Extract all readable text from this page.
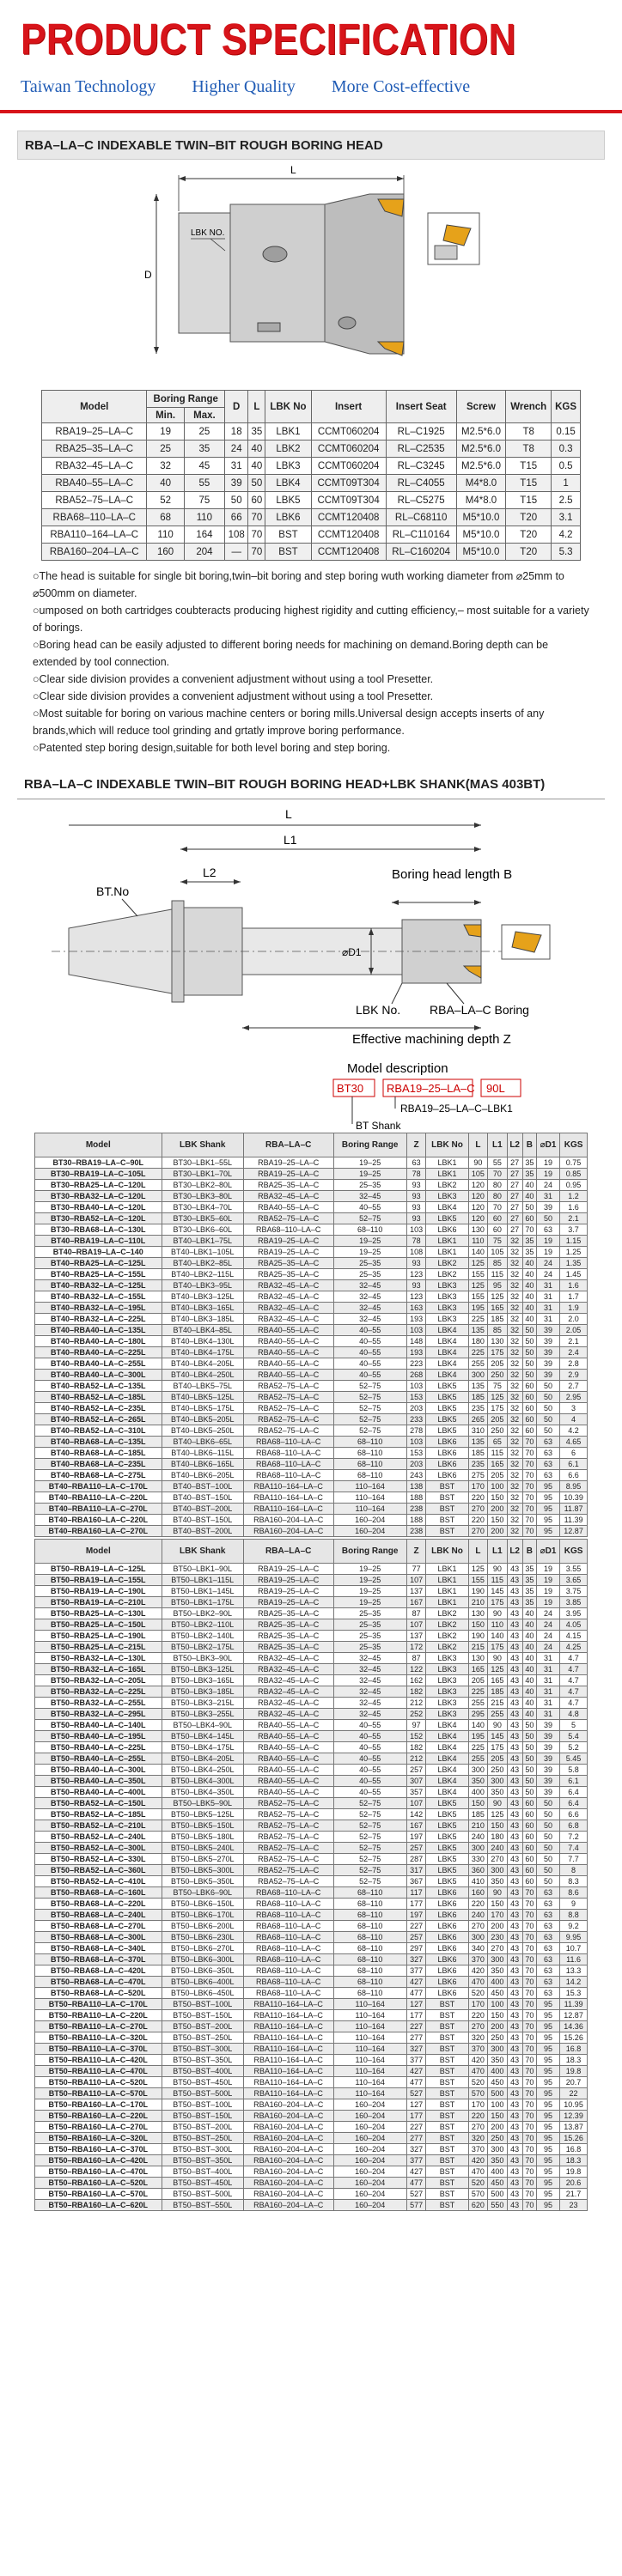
PRODUCT SPECIFICATION
Taiwan Technology Higher Quality More Cost-effective
RBA–LA–C INDEXABLE TWIN–BIT ROUGH BORING HEAD
L
D
LBK NO.
Model	Boring Range		D	L	LBK No	Insert	Insert Seat	Screw	Wrench	KGS
	Min.	Max.								
RBA19–25–LA–C	19	25	18	35	LBK1	CCMT060204	RL–C1925	M2.5*6.0	T8	0.15
RBA25–35–LA–C	25	35	24	40	LBK2	CCMT060204	RL–C2535	M2.5*6.0	T8	0.3
RBA32–45–LA–C	32	45	31	40	LBK3	CCMT060204	RL–C3245	M2.5*6.0	T15	0.5
RBA40–55–LA–C	40	55	39	50	LBK4	CCMT09T304	RL–C4055	M4*8.0	T15	1
RBA52–75–LA–C	52	75	50	60	LBK5	CCMT09T304	RL–C5275	M4*8.0	T15	2.5
RBA68–110–LA–C	68	110	66	70	LBK6	CCMT120408	RL–C68110	M5*10.0	T20	3.1
RBA110–164–LA–C	110	164	108	70	BST	CCMT120408	RL–C110164	M5*10.0	T20	4.2
RBA160–204–LA–C	160	204	—	70	BST	CCMT120408	RL–C160204	M5*10.0	T20	5.3

○The head is suitable for single bit boring,twin–bit boring and step boring wuth working diameter from ⌀25mm to ⌀500mm on diameter.

○umposed on both cartridges coubteracts producing highest rigidity and cutting efficiency,– most suitable for a variety of borings.

○Boring head can be easily adjusted to different boring needs for machining on demand.Boring depth can be extended by tool connection.

○Clear side division provides a convenient adjustment without using a tool Presetter.

○Clear side division provides a convenient adjustment without using a tool Presetter.

○Most suitable for boring on various machine centers or boring mills.Universal design accepts inserts of any brands,which will reduce tool grinding and grtatly improve boring performance.

○Patented step boring design,suitable for both level boring and step boring.

RBA–LA–C INDEXABLE TWIN–BIT ROUGH BORING HEAD+LBK SHANK(MAS 403BT)
L
L1
L2	Boring head length B
BT.No
⌀D1
LBK No. RBA–LA–C Boring
Effective machining depth Z
Model description
BT30 RBA19–25–LA–C 90L
RBA19–25–LA–C–LBK1
BT Shank
Model	LBK Shank	RBA–LA–C	Boring Range	Z	LBK No	L	L1	L2	B	⌀D1	KGS
BT30–RBA19–LA–C–90L	BT30–LBK1–55L	RBA19–25–LA–C	19–25	63	LBK1	90	55	27	35	19	0.75
BT30–RBA19–LA–C–105L	BT30–LBK1–70L	RBA19–25–LA–C	19–25	78	LBK1	105	70	27	35	19	0.85
BT30–RBA25–LA–C–120L	BT30–LBK2–80L	RBA25–35–LA–C	25–35	93	LBK2	120	80	27	40	24	0.95
BT30–RBA32–LA–C–120L	BT30–LBK3–80L	RBA32–45–LA–C	32–45	93	LBK3	120	80	27	40	31	1.2
BT30–RBA40–LA–C–120L	BT30–LBK4–70L	RBA40–55–LA–C	40–55	93	LBK4	120	70	27	50	39	1.6
BT30–RBA52–LA–C–120L	BT30–LBK5–60L	RBA52–75–LA–C	52–75	93	LBK5	120	60	27	60	50	2.1
BT30–RBA68–LA–C–130L	BT30–LBK6–60L	RBA68–110–LA–C	68–110	103	LBK6	130	60	27	70	63	3.7
BT40–RBA19–LA–C–110L	BT40–LBK1–75L	RBA19–25–LA–C	19–25	78	LBK1	110	75	32	35	19	1.15
BT40–RBA19–LA–C–140	BT40–LBK1–105L	RBA19–25–LA–C	19–25	108	LBK1	140	105	32	35	19	1.25
BT40–RBA25–LA–C–125L	BT40–LBK2–85L	RBA25–35–LA–C	25–35	93	LBK2	125	85	32	40	24	1.35
BT40–RBA25–LA–C–155L	BT40–LBK2–115L	RBA25–35–LA–C	25–35	123	LBK2	155	115	32	40	24	1.45
BT40–RBA32–LA–C–125L	BT40–LBK3–95L	RBA32–45–LA–C	32–45	93	LBK3	125	95	32	40	31	1.6
BT40–RBA32–LA–C–155L	BT40–LBK3–125L	RBA32–45–LA–C	32–45	123	LBK3	155	125	32	40	31	1.7
BT40–RBA32–LA–C–195L	BT40–LBK3–165L	RBA32–45–LA–C	32–45	163	LBK3	195	165	32	40	31	1.9
BT40–RBA32–LA–C–225L	BT40–LBK3–185L	RBA32–45–LA–C	32–45	193	LBK3	225	185	32	40	31	2.0
BT40–RBA40–LA–C–135L	BT40–LBK4–85L	RBA40–55–LA–C	40–55	103	LBK4	135	85	32	50	39	2.05
BT40–RBA40–LA–C–180L	BT40–LBK4–130L	RBA40–55–LA–C	40–55	148	LBK4	180	130	32	50	39	2.1
BT40–RBA40–LA–C–225L	BT40–LBK4–175L	RBA40–55–LA–C	40–55	193	LBK4	225	175	32	50	39	2.4
BT40–RBA40–LA–C–255L	BT40–LBK4–205L	RBA40–55–LA–C	40–55	223	LBK4	255	205	32	50	39	2.8
BT40–RBA40–LA–C–300L	BT40–LBK4–250L	RBA40–55–LA–C	40–55	268	LBK4	300	250	32	50	39	2.9
BT40–RBA52–LA–C–135L	BT40–LBK5–75L	RBA52–75–LA–C	52–75	103	LBK5	135	75	32	60	50	2.7
BT40–RBA52–LA–C–185L	BT40–LBK5–125L	RBA52–75–LA–C	52–75	153	LBK5	185	125	32	60	50	2.95
BT40–RBA52–LA–C–235L	BT40–LBK5–175L	RBA52–75–LA–C	52–75	203	LBK5	235	175	32	60	50	3
BT40–RBA52–LA–C–265L	BT40–LBK5–205L	RBA52–75–LA–C	52–75	233	LBK5	265	205	32	60	50	4
BT40–RBA52–LA–C–310L	BT40–LBK5–250L	RBA52–75–LA–C	52–75	278	LBK5	310	250	32	60	50	4.2
BT40–RBA68–LA–C–135L	BT40–LBK6–65L	RBA68–110–LA–C	68–110	103	LBK6	135	65	32	70	63	4.65
BT40–RBA68–LA–C–185L	BT40–LBK6–115L	RBA68–110–LA–C	68–110	153	LBK6	185	115	32	70	63	6
BT40–RBA68–LA–C–235L	BT40–LBK6–165L	RBA68–110–LA–C	68–110	203	LBK6	235	165	32	70	63	6.1
BT40–RBA68–LA–C–275L	BT40–LBK6–205L	RBA68–110–LA–C	68–110	243	LBK6	275	205	32	70	63	6.6
BT40–RBA110–LA–C–170L	BT40–BST–100L	RBA110–164–LA–C	110–164	138	BST	170	100	32	70	95	8.95
BT40–RBA110–LA–C–220L	BT40–BST–150L	RBA110–164–LA–C	110–164	188	BST	220	150	32	70	95	10.39
BT40–RBA110–LA–C–270L	BT40–BST–200L	RBA110–164–LA–C	110–164	238	BST	270	200	32	70	95	11.87
BT40–RBA160–LA–C–220L	BT40–BST–150L	RBA160–204–LA–C	160–204	188	BST	220	150	32	70	95	11.39
BT40–RBA160–LA–C–270L	BT40–BST–200L	RBA160–204–LA–C	160–204	238	BST	270	200	32	70	95	12.87
Model	LBK Shank	RBA–LA–C	Boring Range	Z	LBK No	L	L1	L2	B	⌀D1	KGS
BT50–RBA19–LA–C–125L	BT50–LBK1–90L	RBA19–25–LA–C	19–25	77	LBK1	125	90	43	35	19	3.55
BT50–RBA19–LA–C–155L	BT50–LBK1–115L	RBA19–25–LA–C	19–25	107	LBK1	155	115	43	35	19	3.65
BT50–RBA19–LA–C–190L	BT50–LBK1–145L	RBA19–25–LA–C	19–25	137	LBK1	190	145	43	35	19	3.75
BT50–RBA19–LA–C–210L	BT50–LBK1–175L	RBA19–25–LA–C	19–25	167	LBK1	210	175	43	35	19	3.85
BT50–RBA25–LA–C–130L	BT50–LBK2–90L	RBA25–35–LA–C	25–35	87	LBK2	130	90	43	40	24	3.95
BT50–RBA25–LA–C–150L	BT50–LBK2–110L	RBA25–35–LA–C	25–35	107	LBK2	150	110	43	40	24	4.05
BT50–RBA25–LA–C–190L	BT50–LBK2–140L	RBA25–35–LA–C	25–35	137	LBK2	190	140	43	40	24	4.15
BT50–RBA25–LA–C–215L	BT50–LBK2–175L	RBA25–35–LA–C	25–35	172	LBK2	215	175	43	40	24	4.25
BT50–RBA32–LA–C–130L	BT50–LBK3–90L	RBA32–45–LA–C	32–45	87	LBK3	130	90	43	40	31	4.7
BT50–RBA32–LA–C–165L	BT50–LBK3–125L	RBA32–45–LA–C	32–45	122	LBK3	165	125	43	40	31	4.7
BT50–RBA32–LA–C–205L	BT50–LBK3–165L	RBA32–45–LA–C	32–45	162	LBK3	205	165	43	40	31	4.7
BT50–RBA32–LA–C–225L	BT50–LBK3–185L	RBA32–45–LA–C	32–45	182	LBK3	225	185	43	40	31	4.7
BT50–RBA32–LA–C–255L	BT50–LBK3–215L	RBA32–45–LA–C	32–45	212	LBK3	255	215	43	40	31	4.7
BT50–RBA32–LA–C–295L	BT50–LBK3–255L	RBA32–45–LA–C	32–45	252	LBK3	295	255	43	40	31	4.8
BT50–RBA40–LA–C–140L	BT50–LBK4–90L	RBA40–55–LA–C	40–55	97	LBK4	140	90	43	50	39	5
BT50–RBA40–LA–C–195L	BT50–LBK4–145L	RBA40–55–LA–C	40–55	152	LBK4	195	145	43	50	39	5.4
BT50–RBA40–LA–C–225L	BT50–LBK4–175L	RBA40–55–LA–C	40–55	182	LBK4	225	175	43	50	39	5.2
BT50–RBA40–LA–C–255L	BT50–LBK4–205L	RBA40–55–LA–C	40–55	212	LBK4	255	205	43	50	39	5.45
BT50–RBA40–LA–C–300L	BT50–LBK4–250L	RBA40–55–LA–C	40–55	257	LBK4	300	250	43	50	39	5.8
BT50–RBA40–LA–C–350L	BT50–LBK4–300L	RBA40–55–LA–C	40–55	307	LBK4	350	300	43	50	39	6.1
BT50–RBA40–LA–C–400L	BT50–LBK4–350L	RBA40–55–LA–C	40–55	357	LBK4	400	350	43	50	39	6.4
BT50–RBA52–LA–C–150L	BT50–LBK5–90L	RBA52–75–LA–C	52–75	107	LBK5	150	90	43	60	50	6.4
BT50–RBA52–LA–C–185L	BT50–LBK5–125L	RBA52–75–LA–C	52–75	142	LBK5	185	125	43	60	50	6.6
BT50–RBA52–LA–C–210L	BT50–LBK5–150L	RBA52–75–LA–C	52–75	167	LBK5	210	150	43	60	50	6.8
BT50–RBA52–LA–C–240L	BT50–LBK5–180L	RBA52–75–LA–C	52–75	197	LBK5	240	180	43	60	50	7.2
BT50–RBA52–LA–C–300L	BT50–LBK5–240L	RBA52–75–LA–C	52–75	257	LBK5	300	240	43	60	50	7.4
BT50–RBA52–LA–C–330L	BT50–LBK5–270L	RBA52–75–LA–C	52–75	287	LBK5	330	270	43	60	50	7.7
BT50–RBA52–LA–C–360L	BT50–LBK5–300L	RBA52–75–LA–C	52–75	317	LBK5	360	300	43	60	50	8
BT50–RBA52–LA–C–410L	BT50–LBK5–350L	RBA52–75–LA–C	52–75	367	LBK5	410	350	43	60	50	8.3
BT50–RBA68–LA–C–160L	BT50–LBK6–90L	RBA68–110–LA–C	68–110	117	LBK6	160	90	43	70	63	8.6
BT50–RBA68–LA–C–220L	BT50–LBK6–150L	RBA68–110–LA–C	68–110	177	LBK6	220	150	43	70	63	9
BT50–RBA68–LA–C–240L	BT50–LBK6–170L	RBA68–110–LA–C	68–110	197	LBK6	240	170	43	70	63	8.8
BT50–RBA68–LA–C–270L	BT50–LBK6–200L	RBA68–110–LA–C	68–110	227	LBK6	270	200	43	70	63	9.2
BT50–RBA68–LA–C–300L	BT50–LBK6–230L	RBA68–110–LA–C	68–110	257	LBK6	300	230	43	70	63	9.95
BT50–RBA68–LA–C–340L	BT50–LBK6–270L	RBA68–110–LA–C	68–110	297	LBK6	340	270	43	70	63	10.7
BT50–RBA68–LA–C–370L	BT50–LBK6–300L	RBA68–110–LA–C	68–110	327	LBK6	370	300	43	70	63	11.6
BT50–RBA68–LA–C–420L	BT50–LBK6–350L	RBA68–110–LA–C	68–110	377	LBK6	420	350	43	70	63	13.3
BT50–RBA68–LA–C–470L	BT50–LBK6–400L	RBA68–110–LA–C	68–110	427	LBK6	470	400	43	70	63	14.2
BT50–RBA68–LA–C–520L	BT50–LBK6–450L	RBA68–110–LA–C	68–110	477	LBK6	520	450	43	70	63	15.3
BT50–RBA110–LA–C–170L	BT50–BST–100L	RBA110–164–LA–C	110–164	127	BST	170	100	43	70	95	11.39
BT50–RBA110–LA–C–220L	BT50–BST–150L	RBA110–164–LA–C	110–164	177	BST	220	150	43	70	95	12.87
BT50–RBA110–LA–C–270L	BT50–BST–200L	RBA110–164–LA–C	110–164	227	BST	270	200	43	70	95	14.36
BT50–RBA110–LA–C–320L	BT50–BST–250L	RBA110–164–LA–C	110–164	277	BST	320	250	43	70	95	15.26
BT50–RBA110–LA–C–370L	BT50–BST–300L	RBA110–164–LA–C	110–164	327	BST	370	300	43	70	95	16.8
BT50–RBA110–LA–C–420L	BT50–BST–350L	RBA110–164–LA–C	110–164	377	BST	420	350	43	70	95	18.3
BT50–RBA110–LA–C–470L	BT50–BST–400L	RBA110–164–LA–C	110–164	427	BST	470	400	43	70	95	19.8
BT50–RBA110–LA–C–520L	BT50–BST–450L	RBA110–164–LA–C	110–164	477	BST	520	450	43	70	95	20.7
BT50–RBA110–LA–C–570L	BT50–BST–500L	RBA110–164–LA–C	110–164	527	BST	570	500	43	70	95	22
BT50–RBA160–LA–C–170L	BT50–BST–100L	RBA160–204–LA–C	160–204	127	BST	170	100	43	70	95	10.95
BT50–RBA160–LA–C–220L	BT50–BST–150L	RBA160–204–LA–C	160–204	177	BST	220	150	43	70	95	12.39
BT50–RBA160–LA–C–270L	BT50–BST–200L	RBA160–204–LA–C	160–204	227	BST	270	200	43	70	95	13.87
BT50–RBA160–LA–C–320L	BT50–BST–250L	RBA160–204–LA–C	160–204	277	BST	320	250	43	70	95	15.26
BT50–RBA160–LA–C–370L	BT50–BST–300L	RBA160–204–LA–C	160–204	327	BST	370	300	43	70	95	16.8
BT50–RBA160–LA–C–420L	BT50–BST–350L	RBA160–204–LA–C	160–204	377	BST	420	350	43	70	95	18.3
BT50–RBA160–LA–C–470L	BT50–BST–400L	RBA160–204–LA–C	160–204	427	BST	470	400	43	70	95	19.8
BT50–RBA160–LA–C–520L	BT50–BST–450L	RBA160–204–LA–C	160–204	477	BST	520	450	43	70	95	20.6
BT50–RBA160–LA–C–570L	BT50–BST–500L	RBA160–204–LA–C	160–204	527	BST	570	500	43	70	95	21.7
BT50–RBA160–LA–C–620L	BT50–BST–550L	RBA160–204–LA–C	160–204	577	BST	620	550	43	70	95	23
